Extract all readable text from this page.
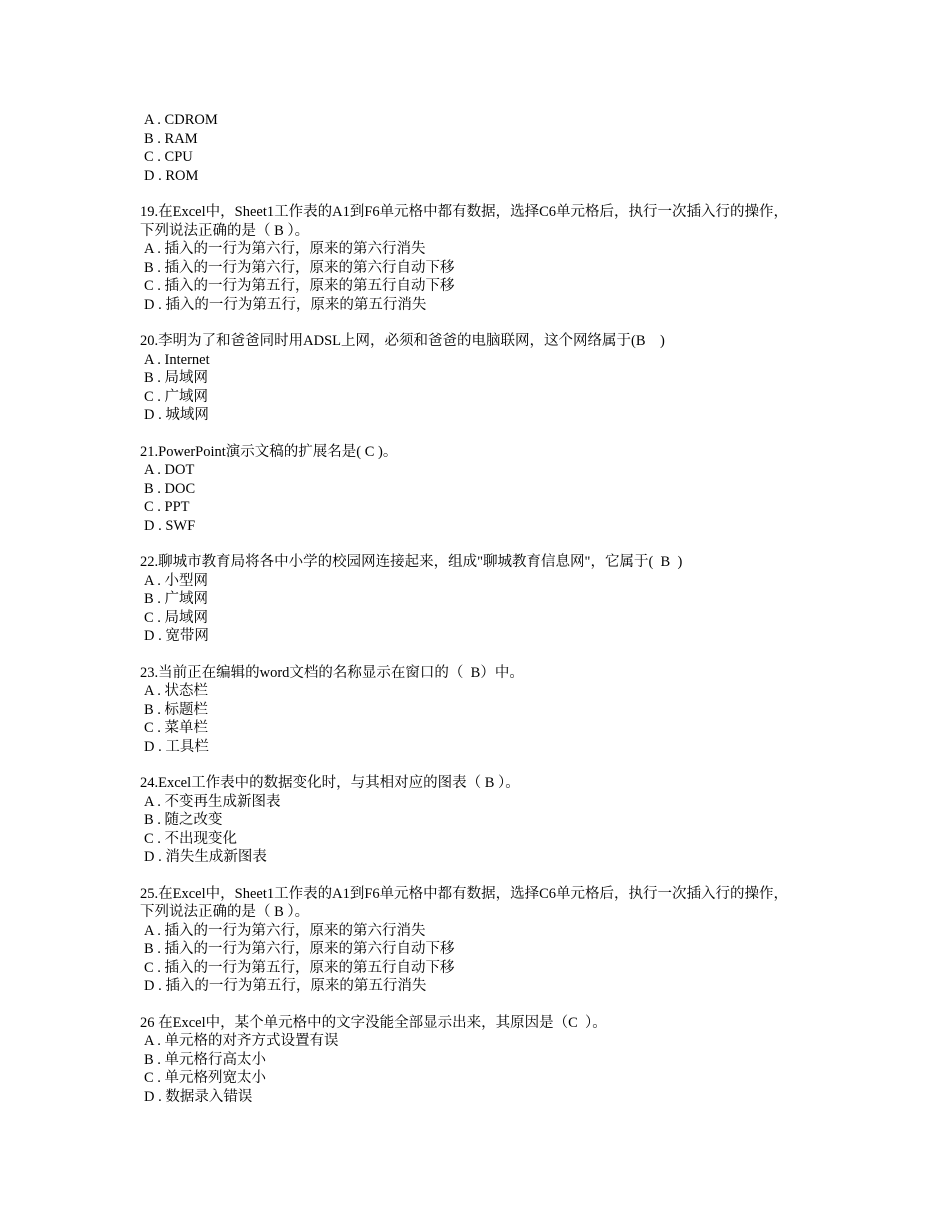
A . CDROM
B . RAM
C . CPU
D . ROM
19.在Excel中，Sheet1工作表的A1到F6单元格中都有数据，选择C6单元格后，执行一次插入行的操作，
下列说法正确的是（ B ）。
A . 插入的一行为第六行，原来的第六行消失
B . 插入的一行为第六行，原来的第六行自动下移
C . 插入的一行为第五行，原来的第五行自动下移
D . 插入的一行为第五行，原来的第五行消失
20.李明为了和爸爸同时用ADSL上网，必须和爸爸的电脑联网，这个网络属于(B    )
A . Internet
B . 局域网
C . 广域网
D . 城域网
21.PowerPoint演示文稿的扩展名是( C )。
A . DOT
B . DOC
C . PPT
D . SWF
22.聊城市教育局将各中小学的校园网连接起来，组成"聊城教育信息网"，它属于(  B  )
A . 小型网
B . 广域网
C . 局域网
D . 宽带网
23.当前正在编辑的word文档的名称显示在窗口的（  B）中。
A . 状态栏
B . 标题栏
C . 菜单栏
D . 工具栏
24.Excel工作表中的数据变化时，与其相对应的图表（ B ）。
A . 不变再生成新图表
B . 随之改变
C . 不出现变化
D . 消失生成新图表
25.在Excel中，Sheet1工作表的A1到F6单元格中都有数据，选择C6单元格后，执行一次插入行的操作，
下列说法正确的是（ B ）。
A . 插入的一行为第六行，原来的第六行消失
B . 插入的一行为第六行，原来的第六行自动下移
C . 插入的一行为第五行，原来的第五行自动下移
D . 插入的一行为第五行，原来的第五行消失
26 在Excel中，某个单元格中的文字没能全部显示出来，其原因是（C  ）。
A . 单元格的对齐方式设置有误
B . 单元格行高太小
C . 单元格列宽太小
D . 数据录入错误
